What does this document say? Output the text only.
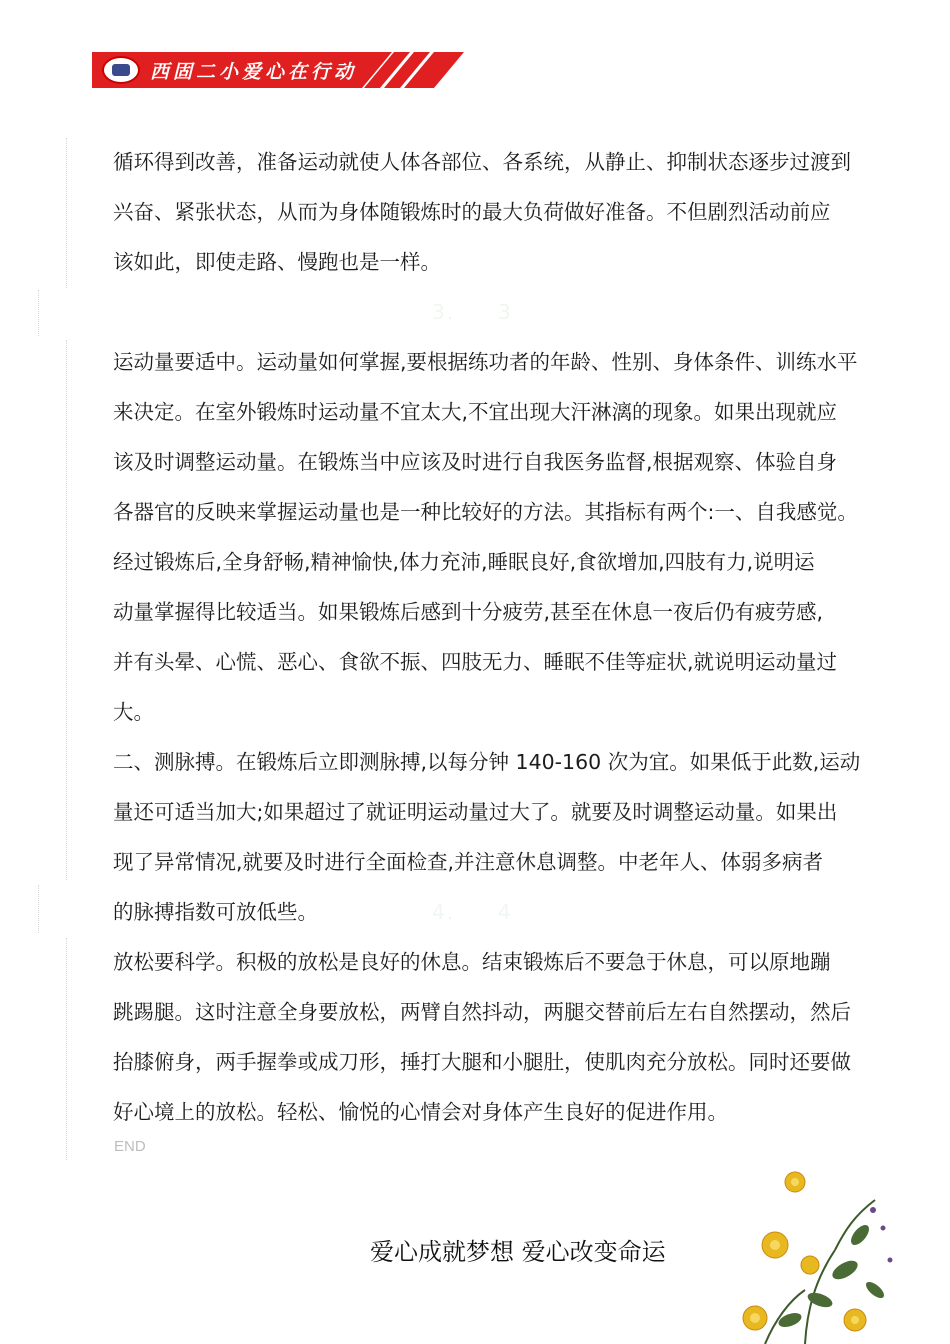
西固二小爱心在行动

循环得到改善，准备运动就使人体各部位、各系统，从静止、抑制状态逐步过渡到

兴奋、紧张状态，从而为身体随锻炼时的最大负荷做好准备。不但剧烈活动前应

该如此，即使走路、慢跑也是一样。

3. 3

运动量要适中。运动量如何掌握,要根据练功者的年龄、性别、身体条件、训练水平

来决定。在室外锻炼时运动量不宜太大,不宜出现大汗淋漓的现象。如果出现就应

该及时调整运动量。在锻炼当中应该及时进行自我医务监督,根据观察、体验自身

各器官的反映来掌握运动量也是一种比较好的方法。其指标有两个:一、自我感觉。

经过锻炼后,全身舒畅,精神愉快,体力充沛,睡眠良好,食欲增加,四肢有力,说明运

动量掌握得比较适当。如果锻炼后感到十分疲劳,甚至在休息一夜后仍有疲劳感,

并有头晕、心慌、恶心、食欲不振、四肢无力、睡眠不佳等症状,就说明运动量过大。

二、测脉搏。在锻炼后立即测脉搏,以每分钟 140-160 次为宜。如果低于此数,运动

量还可适当加大;如果超过了就证明运动量过大了。就要及时调整运动量。如果出

现了异常情况,就要及时进行全面检查,并注意休息调整。中老年人、体弱多病者

的脉搏指数可放低些。	4. 4

放松要科学。积极的放松是良好的休息。结束锻炼后不要急于休息，可以原地蹦

跳踢腿。这时注意全身要放松，两臂自然抖动，两腿交替前后左右自然摆动，然后

抬膝俯身，两手握拳或成刀形，捶打大腿和小腿肚，使肌肉充分放松。同时还要做

好心境上的放松。轻松、愉悦的心情会对身体产生良好的促进作用。

END
爱心成就梦想 爱心改变命运
